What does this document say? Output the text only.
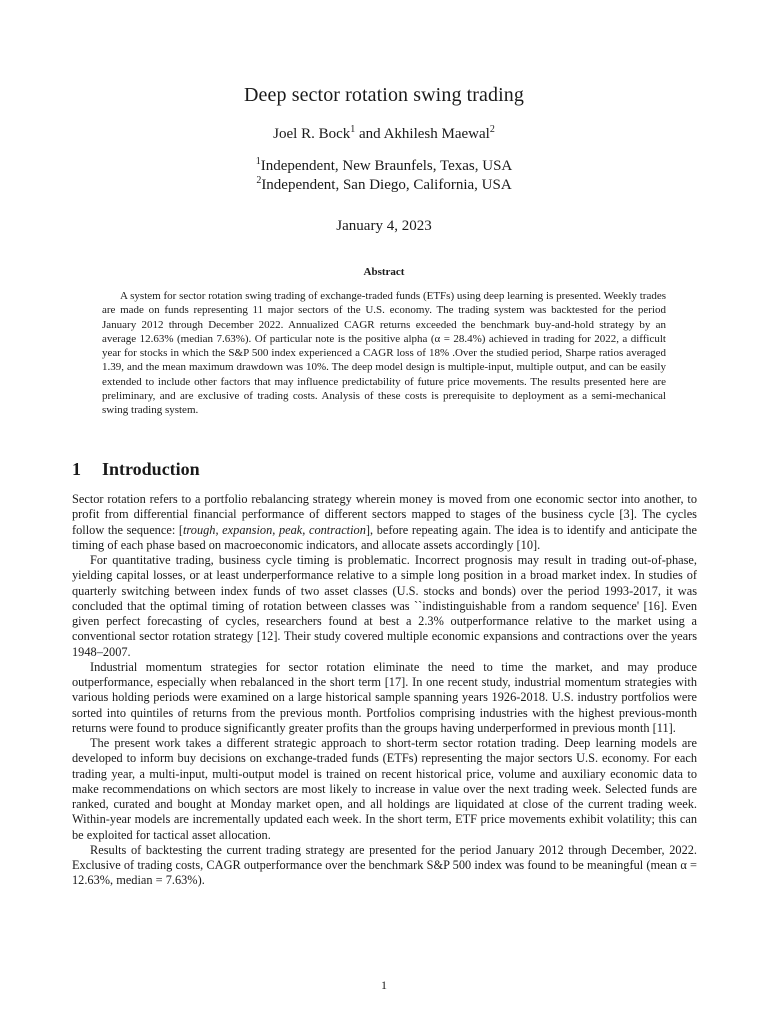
Deep sector rotation swing trading
Joel R. Bock$^1$ and Akhilesh Maewal$^2$
$^1$Independent, New Braunfels, Texas, USA
$^2$Independent, San Diego, California, USA
January 4, 2023
Abstract
A system for sector rotation swing trading of exchange-traded funds (ETFs) using deep learning is presented. Weekly trades are made on funds representing 11 major sectors of the U.S. economy. The trading system was backtested for the period January 2012 through December 2022. Annualized CAGR returns exceeded the benchmark buy-and-hold strategy by an average 12.63% (median 7.63%). Of particular note is the positive alpha (α = 28.4%) achieved in trading for 2022, a difficult year for stocks in which the S&P 500 index experienced a CAGR loss of 18% .Over the studied period, Sharpe ratios averaged 1.39, and the mean maximum drawdown was 10%. The deep model design is multiple-input, multiple output, and can be easily extended to include other factors that may influence predictability of future price movements. The results presented here are preliminary, and are exclusive of trading costs. Analysis of these costs is prerequisite to deployment as a semi-mechanical swing trading system.
1 Introduction

Sector rotation refers to a portfolio rebalancing strategy wherein money is moved from one economic sector into another, to profit from differential financial performance of different sectors mapped to stages of the business cycle [3]. The cycles follow the sequence: [trough, expansion, peak, contraction], before repeating again. The idea is to identify and anticipate the timing of each phase based on macroeconomic indicators, and allocate assets accordingly [10].

For quantitative trading, business cycle timing is problematic. Incorrect prognosis may result in trading out-of-phase, yielding capital losses, or at least underperformance relative to a simple long position in a broad market index. In studies of quarterly switching between index funds of two asset classes (U.S. stocks and bonds) over the period 1993-2017, it was concluded that the optimal timing of rotation between classes was ``indistinguishable from a random sequence' [16]. Even given perfect forecasting of cycles, researchers found at best a 2.3% outperformance relative to the market using a conventional sector rotation strategy [12]. Their study covered multiple economic expansions and contractions over the years 1948–2007.

Industrial momentum strategies for sector rotation eliminate the need to time the market, and may produce outperformance, especially when rebalanced in the short term [17]. In one recent study, industrial momentum strategies with various holding periods were examined on a large historical sample spanning years 1926-2018. U.S. industry portfolios were sorted into quintiles of returns from the previous month. Portfolios comprising industries with the highest previous-month returns were found to produce significantly greater profits than the groups having underperformed in previous month [11].

The present work takes a different strategic approach to short-term sector rotation trading. Deep learning models are developed to inform buy decisions on exchange-traded funds (ETFs) representing the major sectors U.S. economy. For each trading year, a multi-input, multi-output model is trained on recent historical price, volume and auxiliary economic data to make recommendations on which sectors are most likely to increase in value over the next trading week. Selected funds are ranked, curated and bought at Monday market open, and all holdings are liquidated at close of the current trading week. Within-year models are incrementally updated each week. In the short term, ETF price movements exhibit volatility; this can be exploited for tactical asset allocation.

Results of backtesting the current trading strategy are presented for the period January 2012 through December, 2022. Exclusive of trading costs, CAGR outperformance over the benchmark S&P 500 index was found to be meaningful (mean α = 12.63%, median = 7.63%).

1
